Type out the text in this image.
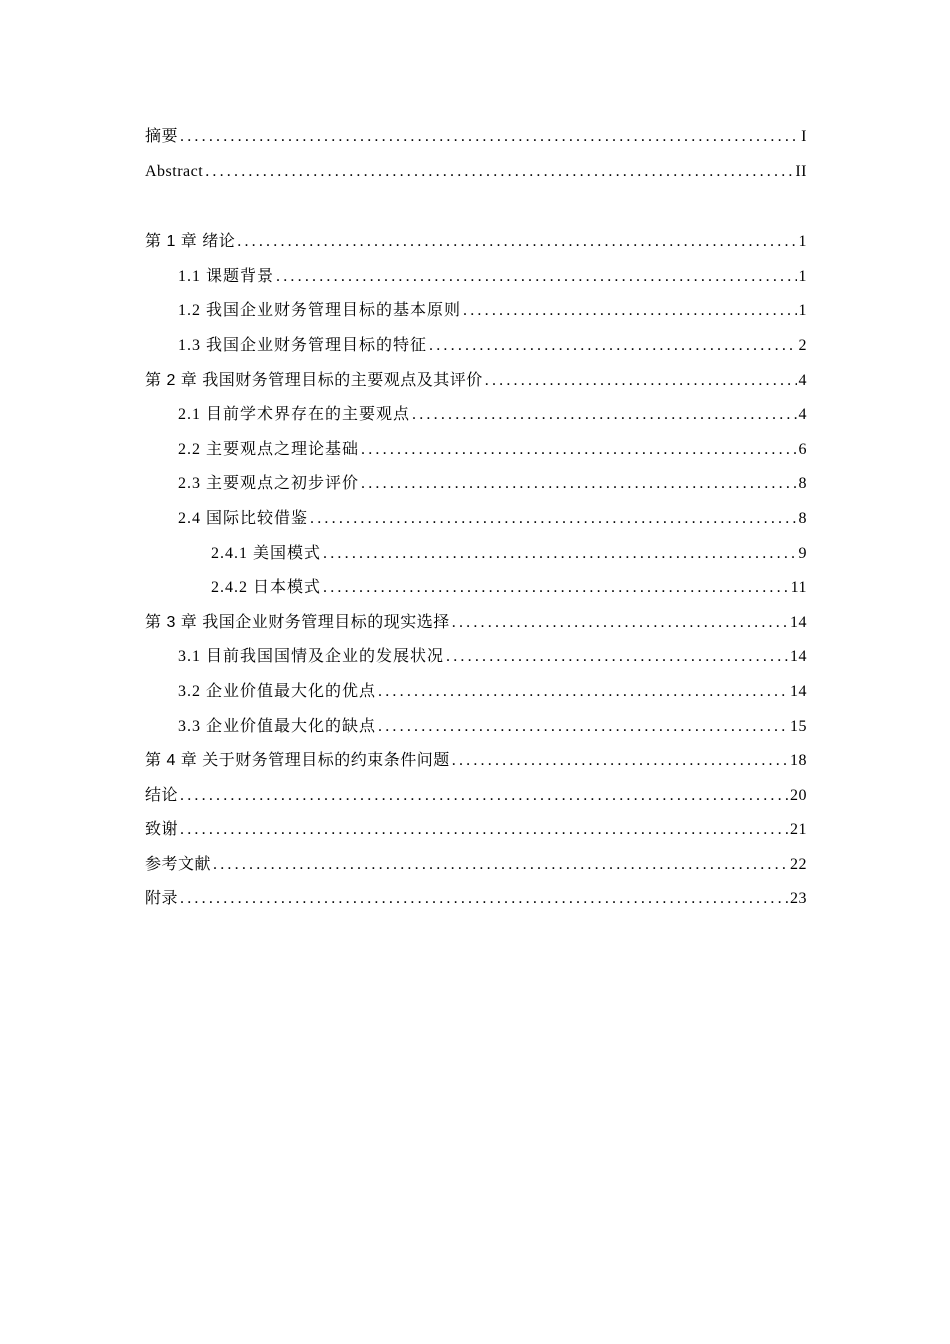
摘要 .....	I
Abstract .....	II
第 1 章 绪论 .....	1
1.1 课题背景 .....	1
1.2 我国企业财务管理目标的基本原则 .....	1
1.3 我国企业财务管理目标的特征 .....	2
第 2 章 我国财务管理目标的主要观点及其评价 .....	4
2.1 目前学术界存在的主要观点 .....	4
2.2 主要观点之理论基础 .....	6
2.3 主要观点之初步评价 .....	8
2.4 国际比较借鉴 .....	8
2.4.1 美国模式 .....	9
2.4.2 日本模式 .....	11
第 3 章 我国企业财务管理目标的现实选择 .....	14
3.1 目前我国国情及企业的发展状况 .....	14
3.2 企业价值最大化的优点 .....	14
3.3 企业价值最大化的缺点 .....	15
第 4 章 关于财务管理目标的约束条件问题 .....	18
结论 .....	20
致谢 .....	21
参考文献 .....	22
附录 .....	23
